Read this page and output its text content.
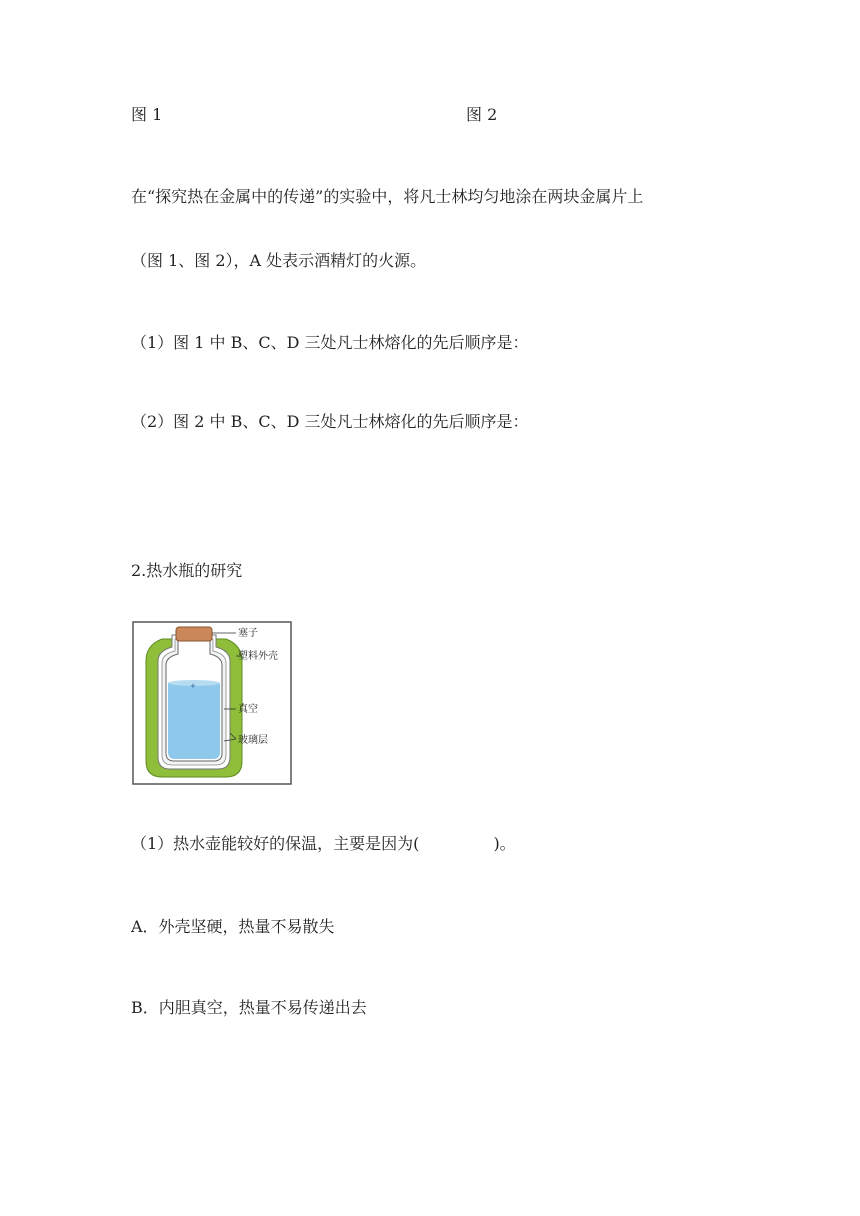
图 1	图 2
在“探究热在金属中的传递”的实验中，将凡士林均匀地涂在两块金属片上
（图 1、图 2），A 处表示酒精灯的火源。
（1）图 1 中 B、C、D 三处凡士林熔化的先后顺序是：
（2）图 2 中 B、C、D 三处凡士林熔化的先后顺序是：
2.热水瓶的研究
+
塞子
塑料外壳
真空
玻璃层
（1）热水壶能较好的保温，主要是因为(	)。
A．外壳坚硬，热量不易散失
B．内胆真空，热量不易传递出去
